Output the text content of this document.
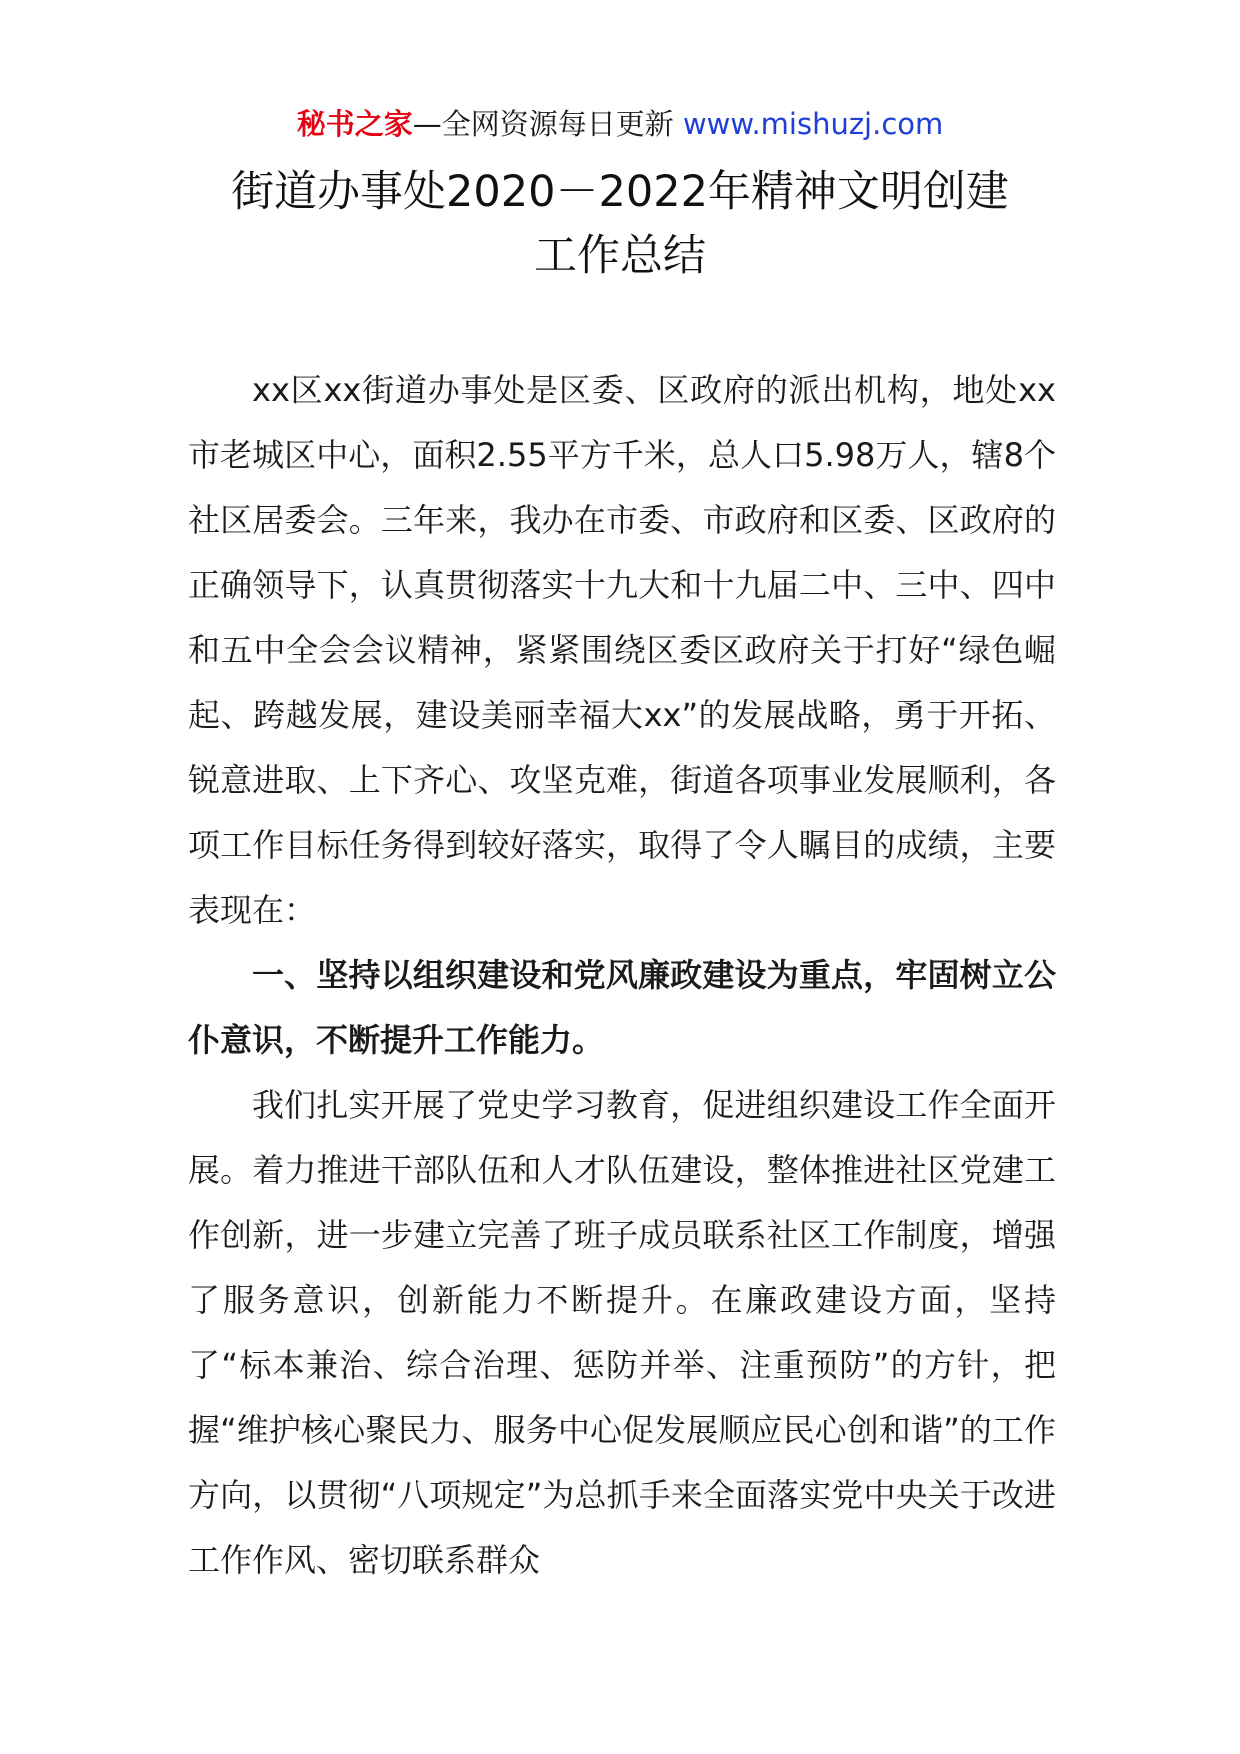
秘书之家—全网资源每日更新 www.mishuzj.com
街道办事处2020－2022年精神文明创建
工作总结

xx区xx街道办事处是区委、区政府的派出机构，地处xx市老城区中心，面积2.55平方千米，总人口5.98万人，辖8个社区居委会。三年来，我办在市委、市政府和区委、区政府的正确领导下，认真贯彻落实十九大和十九届二中、三中、四中和五中全会会议精神，紧紧围绕区委区政府关于打好“绿色崛起、跨越发展，建设美丽幸福大xx”的发展战略，勇于开拓、锐意进取、上下齐心、攻坚克难，街道各项事业发展顺利，各项工作目标任务得到较好落实，取得了令人瞩目的成绩，主要表现在：

一、坚持以组织建设和党风廉政建设为重点，牢固树立公仆意识，不断提升工作能力。

我们扎实开展了党史学习教育，促进组织建设工作全面开展。着力推进干部队伍和人才队伍建设，整体推进社区党建工作创新，进一步建立完善了班子成员联系社区工作制度，增强了服务意识，创新能力不断提升。在廉政建设方面，坚持了“标本兼治、综合治理、惩防并举、注重预防”的方针，把握“维护核心聚民力、服务中心促发展顺应民心创和谐”的工作方向，以贯彻“八项规定”为总抓手来全面落实党中央关于改进工作作风、密切联系群众
